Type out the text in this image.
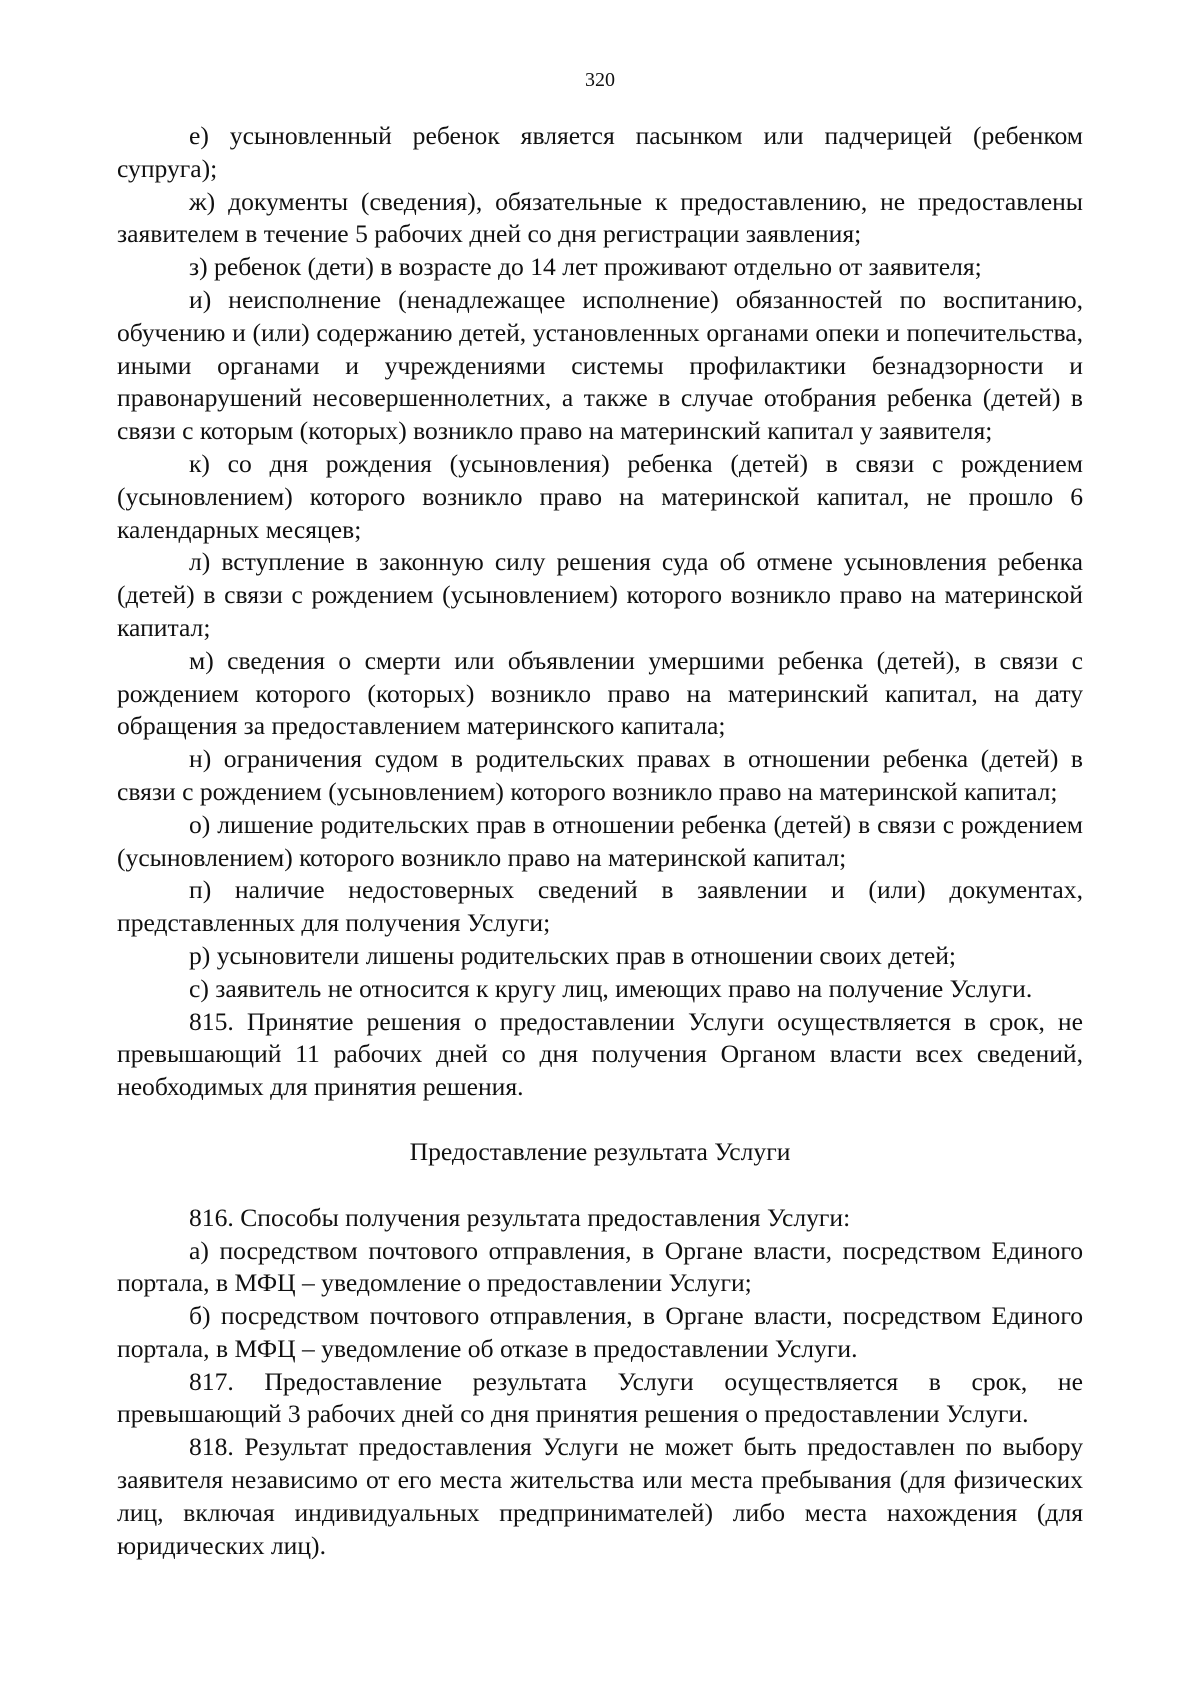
320

е) усыновленный ребенок является пасынком или падчерицей (ребенком супруга);

ж) документы (сведения), обязательные к предоставлению, не предоставлены заявителем в течение 5 рабочих дней со дня регистрации заявления;

з) ребенок (дети) в возрасте до 14 лет проживают отдельно от заявителя;

и) неисполнение (ненадлежащее исполнение) обязанностей по воспитанию, обучению и (или) содержанию детей, установленных органами опеки и попечительства, иными органами и учреждениями системы профилактики безнадзорности и правонарушений несовершеннолетних, а также в случае отобрания ребенка (детей) в связи с которым (которых) возникло право на материнский капитал у заявителя;

к) со дня рождения (усыновления) ребенка (детей) в связи с рождением (усыновлением) которого возникло право на материнской капитал, не прошло 6 календарных месяцев;

л) вступление в законную силу решения суда об отмене усыновления ребенка (детей) в связи с рождением (усыновлением) которого возникло право на материнской капитал;

м) сведения о смерти или объявлении умершими ребенка (детей), в связи с рождением которого (которых) возникло право на материнский капитал, на дату обращения за предоставлением материнского капитала;

н) ограничения судом в родительских правах в отношении ребенка (детей) в связи с рождением (усыновлением) которого возникло право на материнской капитал;

о) лишение родительских прав в отношении ребенка (детей) в связи с рождением (усыновлением) которого возникло право на материнской капитал;

п) наличие недостоверных сведений в заявлении и (или) документах, представленных для получения Услуги;

р) усыновители лишены родительских прав в отношении своих детей;

с) заявитель не относится к кругу лиц, имеющих право на получение Услуги.

815. Принятие решения о предоставлении Услуги осуществляется в срок, не превышающий 11 рабочих дней со дня получения Органом власти всех сведений, необходимых для принятия решения.

Предоставление результата Услуги

816. Способы получения результата предоставления Услуги:

а) посредством почтового отправления, в Органе власти, посредством Единого портала, в МФЦ – уведомление о предоставлении Услуги;

б) посредством почтового отправления, в Органе власти, посредством Единого портала, в МФЦ – уведомление об отказе в предоставлении Услуги.

817. Предоставление результата Услуги осуществляется в срок, не превышающий 3 рабочих дней со дня принятия решения о предоставлении Услуги.

818. Результат предоставления Услуги не может быть предоставлен по выбору заявителя независимо от его места жительства или места пребывания (для физических лиц, включая индивидуальных предпринимателей) либо места нахождения (для юридических лиц).
